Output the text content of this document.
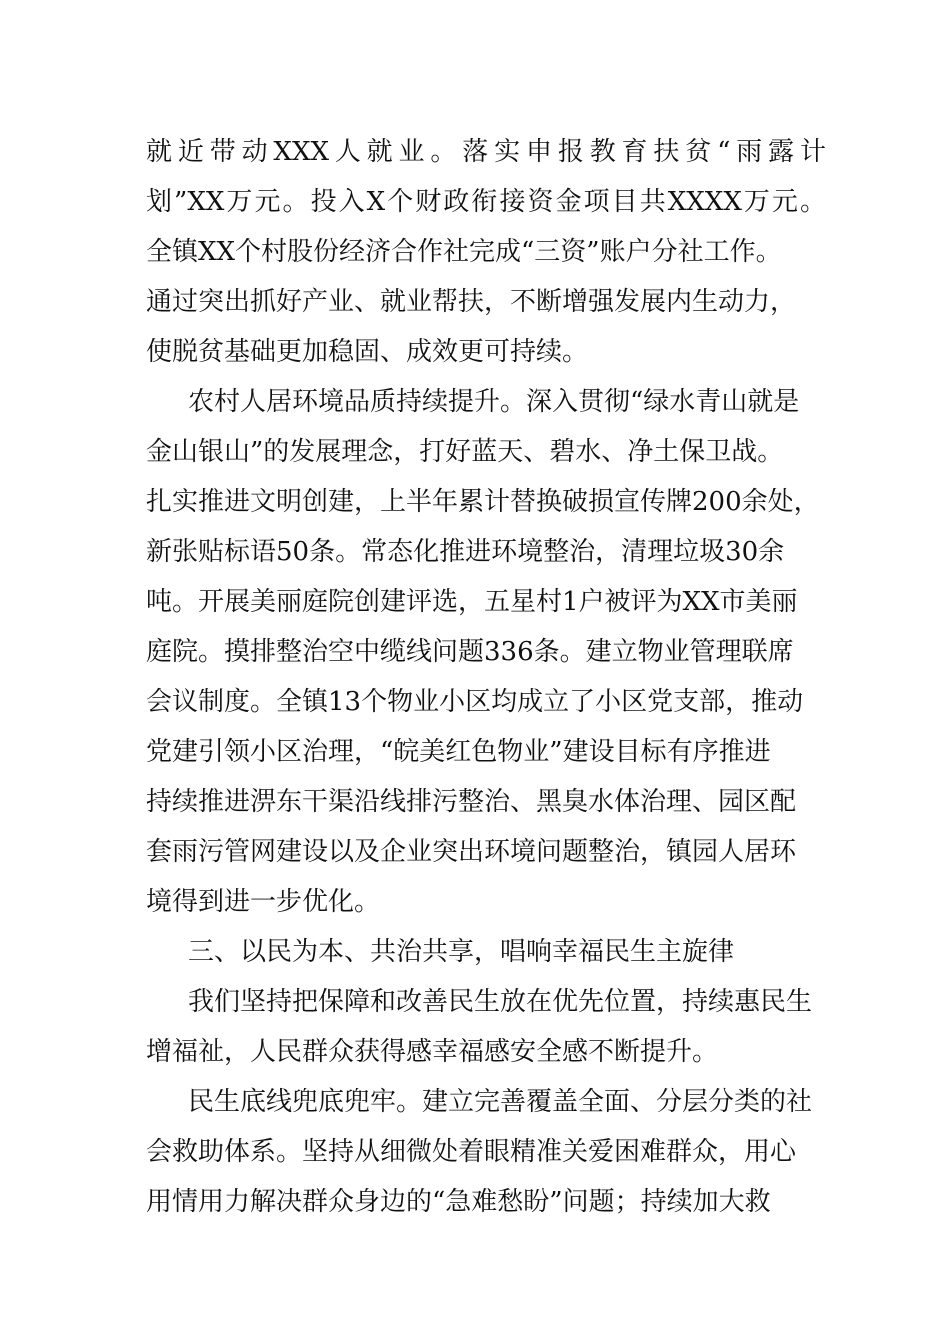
就近带动XXX人就业。落实申报教育扶贫“雨露计
划”XX万元。投入X个财政衔接资金项目共XXXX万元。
全镇XX个村股份经济合作社完成“三资”账户分社工作。
通过突出抓好产业、就业帮扶，不断增强发展内生动力，
使脱贫基础更加稳固、成效更可持续。
农村人居环境品质持续提升。深入贯彻“绿水青山就是
金山银山”的发展理念，打好蓝天、碧水、净土保卫战。
扎实推进文明创建，上半年累计替换破损宣传牌200余处，
新张贴标语50条。常态化推进环境整治，清理垃圾30余
吨。开展美丽庭院创建评选，五星村1户被评为XX市美丽
庭院。摸排整治空中缆线问题336条。建立物业管理联席
会议制度。全镇13个物业小区均成立了小区党支部，推动
党建引领小区治理，“皖美红色物业”建设目标有序推进
持续推进淠东干渠沿线排污整治、黑臭水体治理、园区配
套雨污管网建设以及企业突出环境问题整治，镇园人居环
境得到进一步优化。
三、以民为本、共治共享，唱响幸福民生主旋律
我们坚持把保障和改善民生放在优先位置，持续惠民生
增福祉，人民群众获得感幸福感安全感不断提升。
民生底线兜底兜牢。建立完善覆盖全面、分层分类的社
会救助体系。坚持从细微处着眼精准关爱困难群众，用心
用情用力解决群众身边的“急难愁盼”问题；持续加大救
